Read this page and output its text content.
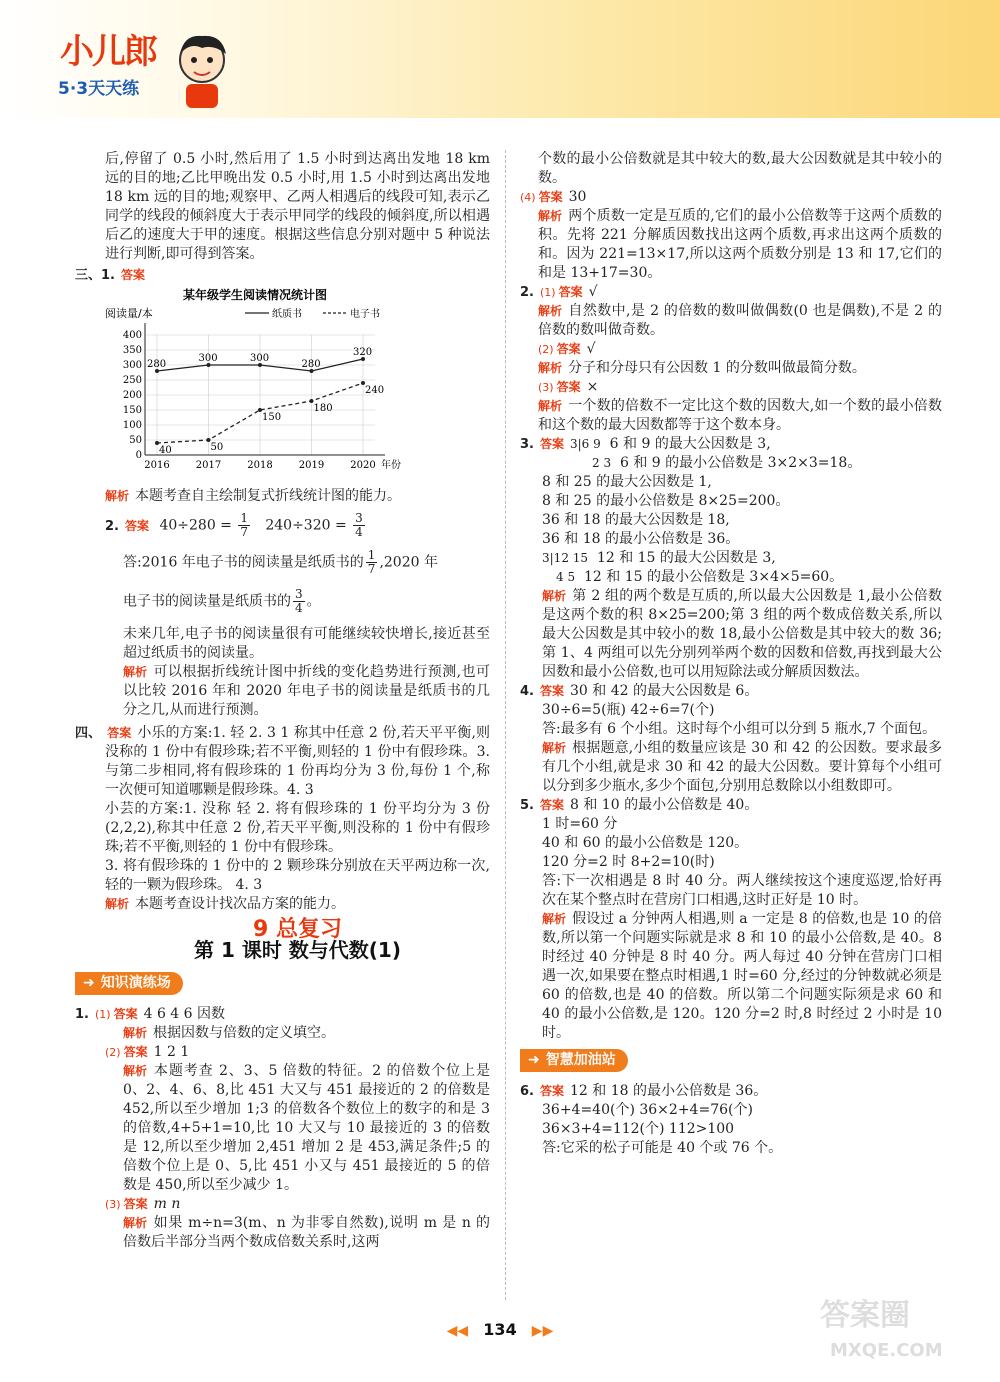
小儿郎
5·3天天练
后,停留了 0.5 小时,然后用了 1.5 小时到达离出发地 18 km 远的目的地;乙比甲晚出发 0.5 小时,用 1.5 小时到达离出发地 18 km 远的目的地;观察甲、乙两人相遇后的线段可知,表示乙同学的线段的倾斜度大于表示甲同学的线段的倾斜度,所以相遇后乙的速度大于甲的速度。根据这些信息分别对题中 5 种说法进行判断,即可得到答案。
三、1. 答案
某年级学生阅读情况统计图
阅读量/本	纸质书	电子书
0
50
100
150
200
250
300
350
400
2016	2017	2018	2019	2020 年份
280
300	300
280
320
40	50
150
180
240
解析 本题考查自主绘制复式折线统计图的能力。
2. 答案 $40\div 280 = \frac{1}{7} 240\div 320 = \frac{3}{4}$
答:2016 年电子书的阅读量是纸质书的 $\frac{1}{7} ,2020$ 年
电子书的阅读量是纸质书的 $\frac{3}{4}$ 。
未来几年,电子书的阅读量很有可能继续较快增长,接近甚至超过纸质书的阅读量。
解析 可以根据折线统计图中折线的变化趋势进行预测,也可以比较 2016 年和 2020 年电子书的阅读量是纸质书的几分之几,从而进行预测。
四、 答案 小乐的方案:1. 轻 2. 3 1 称其中任意 2 份,若天平平衡,则没称的 1 份中有假珍珠;若不平衡,则轻的 1 份中有假珍珠。3. 与第二步相同,将有假珍珠的 1 份再均分为 3 份,每份 1 个,称一次便可知道哪颗是假珍珠。4. 3
小芸的方案:1. 没称 轻 2. 将有假珍珠的 1 份平均分为 3 份(2,2,2),称其中任意 2 份,若天平平衡,则没称的 1 份中有假珍珠;若不平衡,则轻的 1 份中有假珍珠。
3. 将有假珍珠的 1 份中的 2 颗珍珠分别放在天平两边称一次,轻的一颗为假珍珠。 4. 3
解析 本题考查设计找次品方案的能力。
9 总复习
第 1 课时 数与代数(1)
➜ 知识演练场
1. (1) 答案 4 6 4 6 因数
解析 根据因数与倍数的定义填空。
(2) 答案 1 2 1
解析 本题考查 2、3、5 倍数的特征。2 的倍数个位上是 0、2、4、6、8,比 451 大又与 451 最接近的 2 的倍数是 452,所以至少增加 1;3 的倍数各个数位上的数字的和是 3 的倍数,4+5+1=10,比 10 大又与 10 最接近的 3 的倍数是 12,所以至少增加 2,451 增加 2 是 453,满足条件;5 的倍数个位上是 0、5,比 451 小又与 451 最接近的 5 的倍数是 450,所以至少减少 1。
(3) 答案 m n
解析 如果 m÷n=3(m、n 为非零自然数),说明 m 是 n 的倍数后半部分当两个数成倍数关系时,这两
个数的最小公倍数就是其中较大的数,最大公因数就是其中较小的数。
(4) 答案 30
解析 两个质数一定是互质的,它们的最小公倍数等于这两个质数的积。先将 221 分解质因数找出这两个质数,再求出这两个质数的和。因为 221=13×17,所以这两个质数分别是 13 和 17,它们的和是 13+17=30。
2. (1) 答案 √
解析 自然数中,是 2 的倍数的数叫做偶数(0 也是偶数),不是 2 的倍数的数叫做奇数。
(2) 答案 √
解析 分子和分母只有公因数 1 的分数叫做最简分数。
(3) 答案 ×
解析 一个数的倍数不一定比这个数的因数大,如一个数的最小倍数和这个数的最大因数都等于这个数本身。
3. 答案 3|6 9 6 和 9 的最大公因数是 3,
2 3 6 和 9 的最小公倍数是 3×2×3=18。
8 和 25 的最大公因数是 1,
8 和 25 的最小公倍数是 8×25=200。
36 和 18 的最大公因数是 18,
36 和 18 的最小公倍数是 36。
3|12 15 12 和 15 的最大公因数是 3,
4 5 12 和 15 的最小公倍数是 3×4×5=60。
解析 第 2 组的两个数是互质的,所以最大公因数是 1,最小公倍数是这两个数的积 8×25=200;第 3 组的两个数成倍数关系,所以最大公因数是其中较小的数 18,最小公倍数是其中较大的数 36;第 1、4 两组可以先分别列举两个数的因数和倍数,再找到最大公因数和最小公倍数,也可以用短除法或分解质因数法。
4. 答案 30 和 42 的最大公因数是 6。
30÷6=5(瓶) 42÷6=7(个)
答:最多有 6 个小组。这时每个小组可以分到 5 瓶水,7 个面包。
解析 根据题意,小组的数量应该是 30 和 42 的公因数。要求最多有几个小组,就是求 30 和 42 的最大公因数。要计算每个小组可以分到多少瓶水,多少个面包,分别用总数除以小组数即可。
5. 答案 8 和 10 的最小公倍数是 40。
1 时=60 分
40 和 60 的最小公倍数是 120。
120 分=2 时 8+2=10(时)
答:下一次相遇是 8 时 40 分。两人继续按这个速度巡逻,恰好再次在某个整点时在营房门口相遇,这时正好是 10 时。
解析 假设过 a 分钟两人相遇,则 a 一定是 8 的倍数,也是 10 的倍数,所以第一个问题实际就是求 8 和 10 的最小公倍数,是 40。8 时经过 40 分钟是 8 时 40 分。两人每过 40 分钟在营房门口相遇一次,如果要在整点时相遇,1 时=60 分,经过的分钟数就必须是 60 的倍数,也是 40 的倍数。所以第二个问题实际须是求 60 和 40 的最小公倍数,是 120。120 分=2 时,8 时经过 2 小时是 10 时。
➜ 智慧加油站
6. 答案 12 和 18 的最小公倍数是 36。
36+4=40(个) 36×2+4=76(个)
36×3+4=112(个) 112>100
答:它采的松子可能是 40 个或 76 个。
答案圈
MXQE.COM
◀◀ 134 ▶▶
